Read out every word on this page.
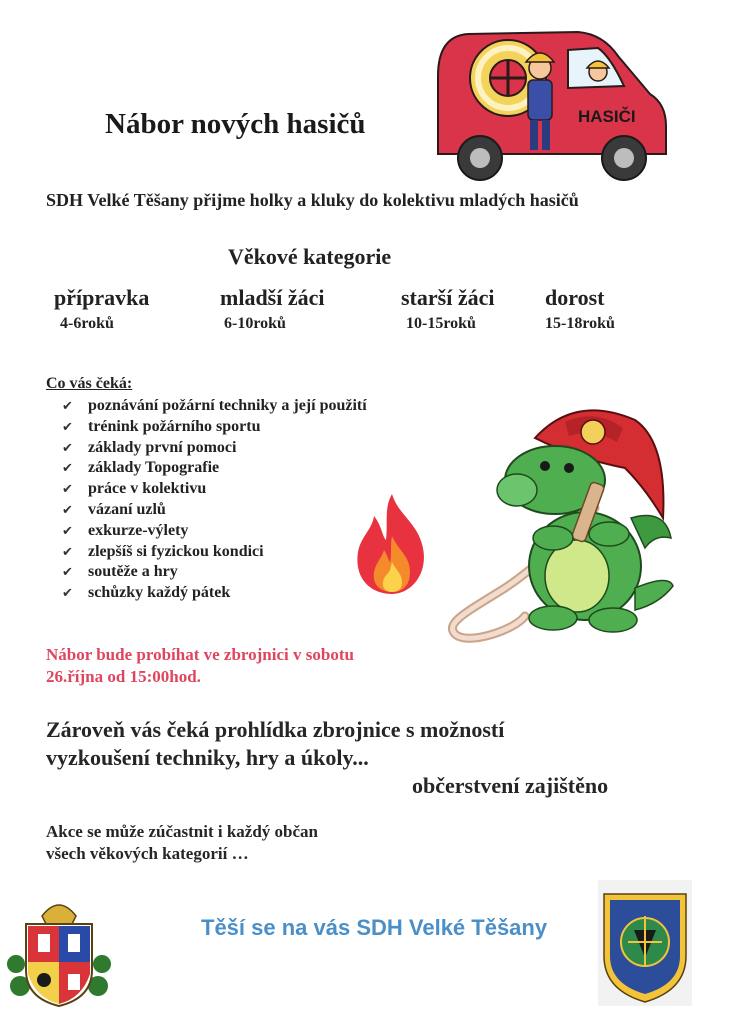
Nábor nových hasičů	HASIČI
SDH Velké Těšany přijme holky a kluky do kolektivu mladých hasičů
Věkové kategorie
přípravka
4-6roků
mladší žáci
6-10roků
starší žáci
10-15roků
dorost
15-18roků
Co vás čeká:
✔ poznávání požární techniky a její použití
✔ trénink požárního sportu
✔ základy první pomoci
✔ základy Topografie
✔ práce v kolektivu
✔ vázaní uzlů
✔ exkurze-výlety
✔ zlepšíš si fyzickou kondici
✔ soutěže a hry
✔ schůzky každý pátek
Nábor bude probíhat ve zbrojnici v sobotu
26.října od 15:00hod.
Zároveň vás čeká prohlídka zbrojnice s možností
vyzkoušení techniky, hry a úkoly...
občerstvení zajištěno
Akce se může zúčastnit i každý občan
všech věkových kategorií …
Těší se na vás SDH Velké Těšany
